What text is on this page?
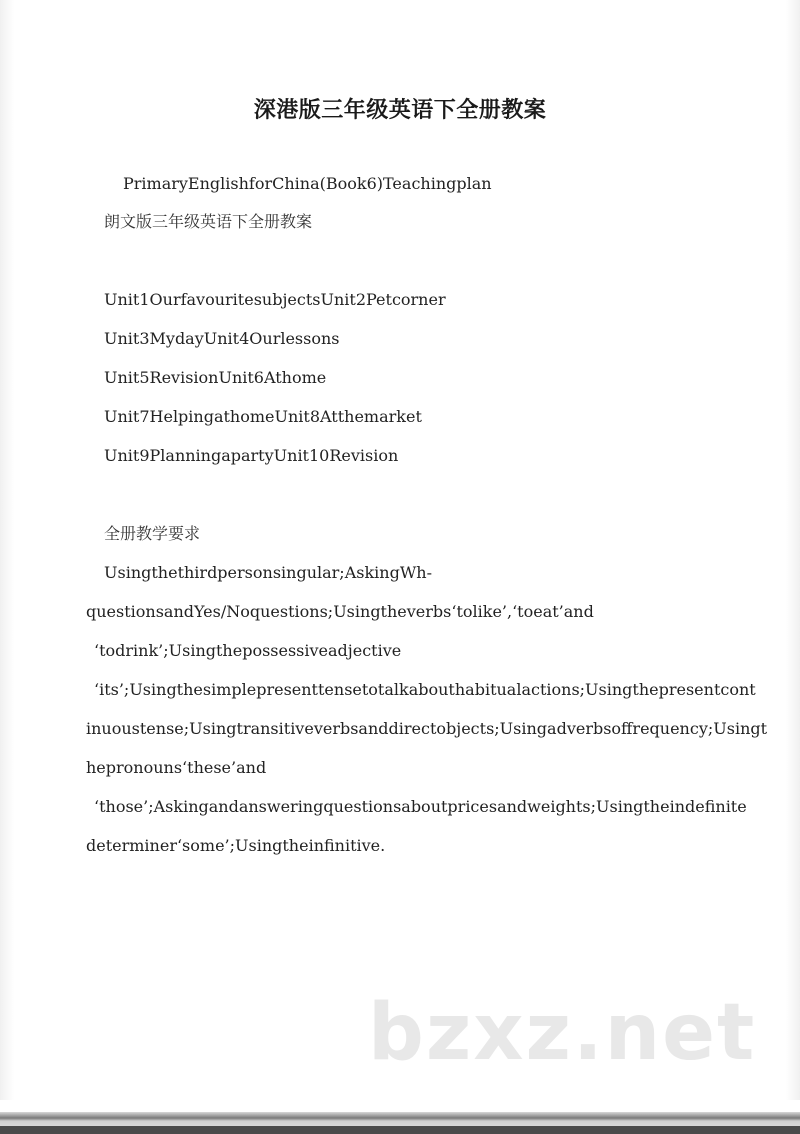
深港版三年级英语下全册教案
PrimaryEnglishforChina(Book6)Teachingplan
朗文版三年级英语下全册教案
Unit1OurfavouritesubjectsUnit2Petcorner
Unit3MydayUnit4Ourlessons
Unit5RevisionUnit6Athome
Unit7HelpingathomeUnit8Atthemarket
Unit9PlanningapartyUnit10Revision
全册教学要求
Usingthethirdpersonsingular;AskingWh-
questionsandYes/Noquestions;Usingtheverbs‘tolike’,‘toeat’and
‘todrink’;Usingthepossessiveadjective
‘its’;Usingthesimplepresenttensetotalkabouthabitualactions;Usingthepresentcont
inuoustense;Usingtransitiveverbsanddirectobjects;Usingadverbsoffrequency;Usingt
hepronouns‘these’and
‘those’;Askingandansweringquestionsaboutpricesandweights;Usingtheindefinite
determiner‘some’;Usingtheinfinitive.
bzxz.net
